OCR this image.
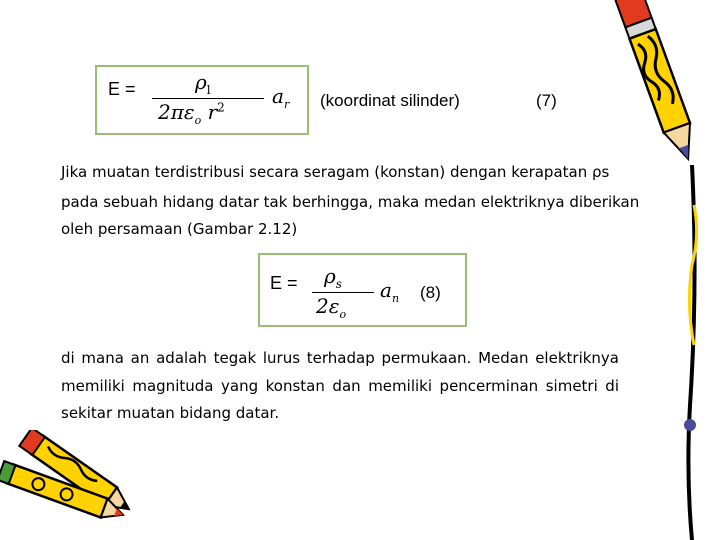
E =	$\rho_l$
$2\pi\varepsilon_o$ $r^2$ $a_r$ (koordinat silinder)	(7)
Jika muatan terdistribusi secara seragam (konstan) dengan kerapatan ρs
pada sebuah hidang datar tak berhingga, maka medan elektriknya diberikan
oleh persamaan (Gambar 2.12)
$E = \rho_s$
$2\varepsilon_o$
$a_n$ (8)
di mana an adalah tegak lurus terhadap permukaan. Medan elektriknya
memiliki magnituda yang konstan dan memiliki pencerminan simetri di
sekitar muatan bidang datar.
